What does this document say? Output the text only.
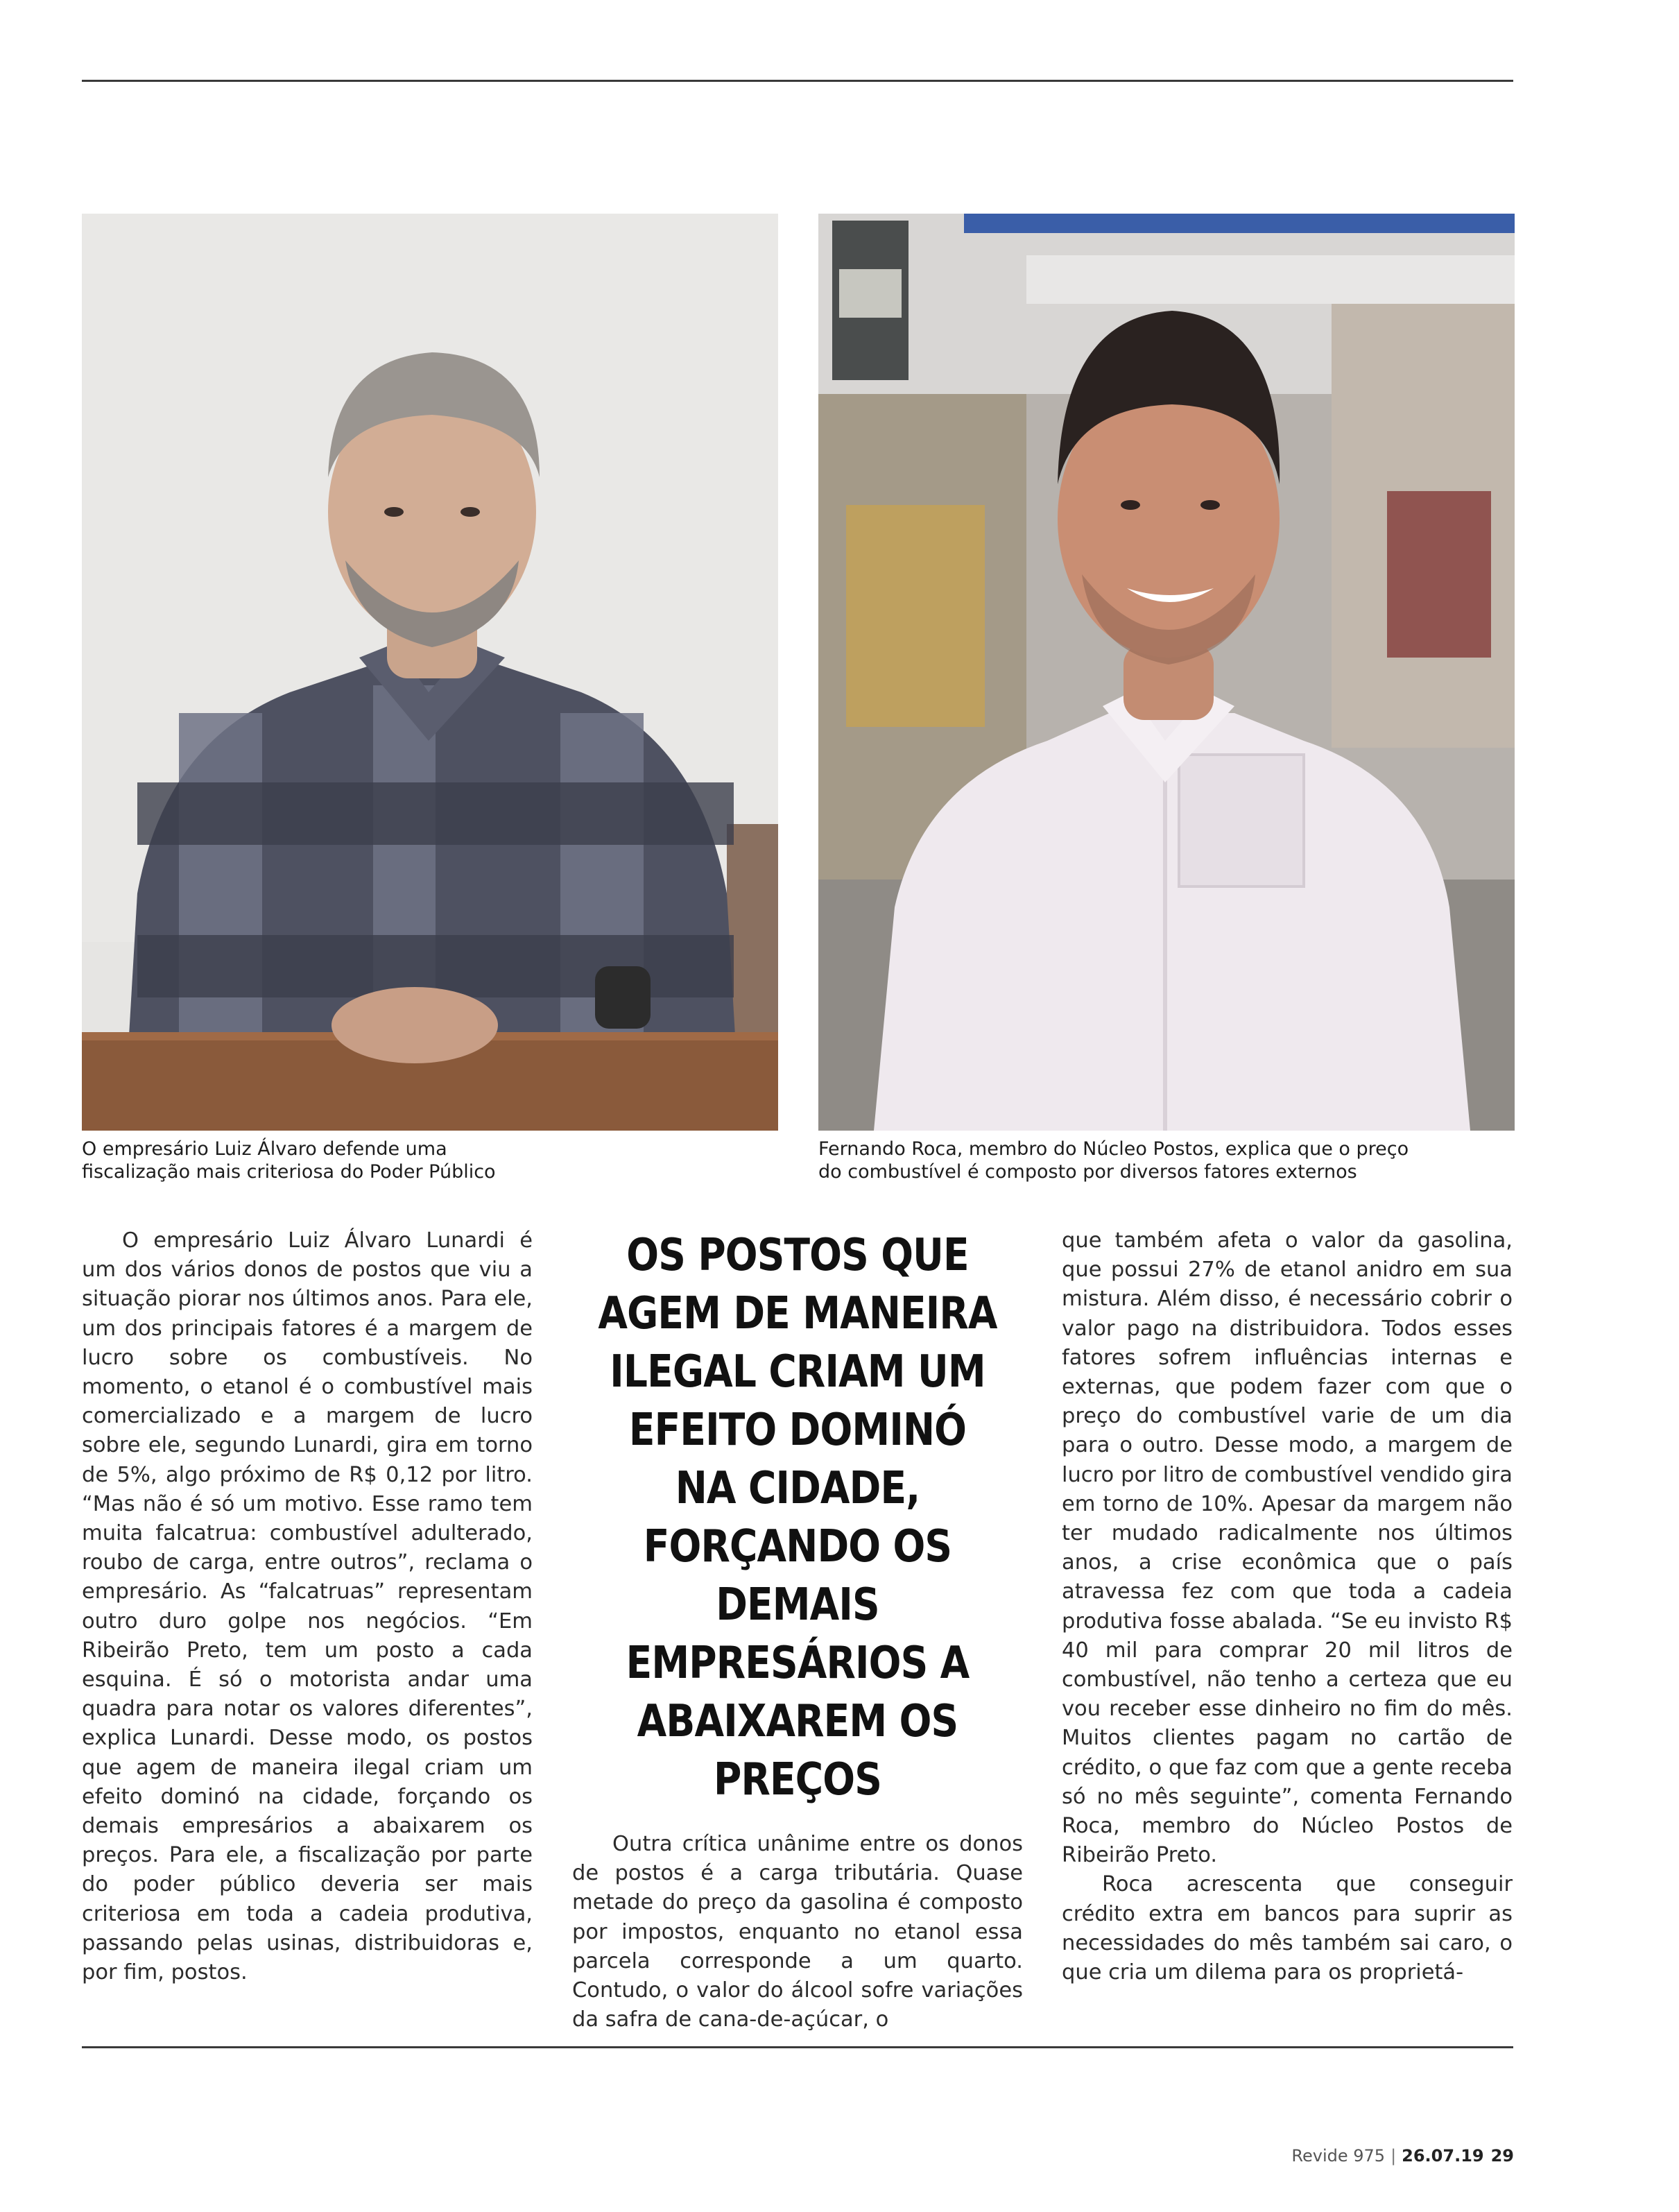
O empresário Luiz Álvaro defende uma
fiscalização mais criteriosa do Poder Público

Fernando Roca, membro do Núcleo Postos, explica que o preço
do combustível é composto por diversos fatores externos

O empresário Luiz Álvaro Lunardi é um dos vários donos de postos que viu a situação piorar nos últimos anos. Para ele, um dos principais fatores é a margem de lucro sobre os combustíveis. No momento, o etanol é o combustível mais comercializado e a margem de lucro sobre ele, segundo Lunardi, gira em torno de 5%, algo próximo de R$ 0,12 por litro. “Mas não é só um motivo. Esse ramo tem muita falcatrua: combustível adulterado, roubo de carga, entre outros”, reclama o empresário. As “falcatruas” representam outro duro golpe nos negócios. “Em Ribeirão Preto, tem um posto a cada esquina. É só o motorista andar uma quadra para notar os valores diferentes”, explica Lunardi. Desse modo, os postos que agem de maneira ilegal criam um efeito dominó na cidade, forçando os demais empresários a abaixarem os preços. Para ele, a fiscalização por parte do poder público deveria ser mais criteriosa em toda a cadeia produtiva, passando pelas usinas, distribuidoras e, por fim, postos.

OS POSTOS QUE AGEM DE MANEIRA ILEGAL CRIAM UM EFEITO DOMINÓ NA CIDADE, FORÇANDO OS DEMAIS EMPRESÁRIOS A ABAIXAREM OS PREÇOS

Outra crítica unânime entre os donos de postos é a carga tributária. Quase metade do preço da gasolina é composto por impostos, enquanto no etanol essa parcela corresponde a um quarto. Contudo, o valor do álcool sofre variações da safra de cana-de-açúcar, o

que também afeta o valor da gasolina, que possui 27% de etanol anidro em sua mistura. Além disso, é necessário cobrir o valor pago na distribuidora. Todos esses fatores sofrem influências internas e externas, que podem fazer com que o preço do combustível varie de um dia para o outro. Desse modo, a margem de lucro por litro de combustível vendido gira em torno de 10%. Apesar da margem não ter mudado radicalmente nos últimos anos, a crise econômica que o país atravessa fez com que toda a cadeia produtiva fosse abalada. “Se eu invisto R$ 40 mil para comprar 20 mil litros de combustível, não tenho a certeza que eu vou receber esse dinheiro no fim do mês. Muitos clientes pagam no cartão de crédito, o que faz com que a gente receba só no mês seguinte”, comenta Fernando Roca, membro do Núcleo Postos de Ribeirão Preto.

Roca acrescenta que conseguir crédito extra em bancos para suprir as necessidades do mês também sai caro, o que cria um dilema para os proprietá-

Revide 975 | 26.07.19 29
